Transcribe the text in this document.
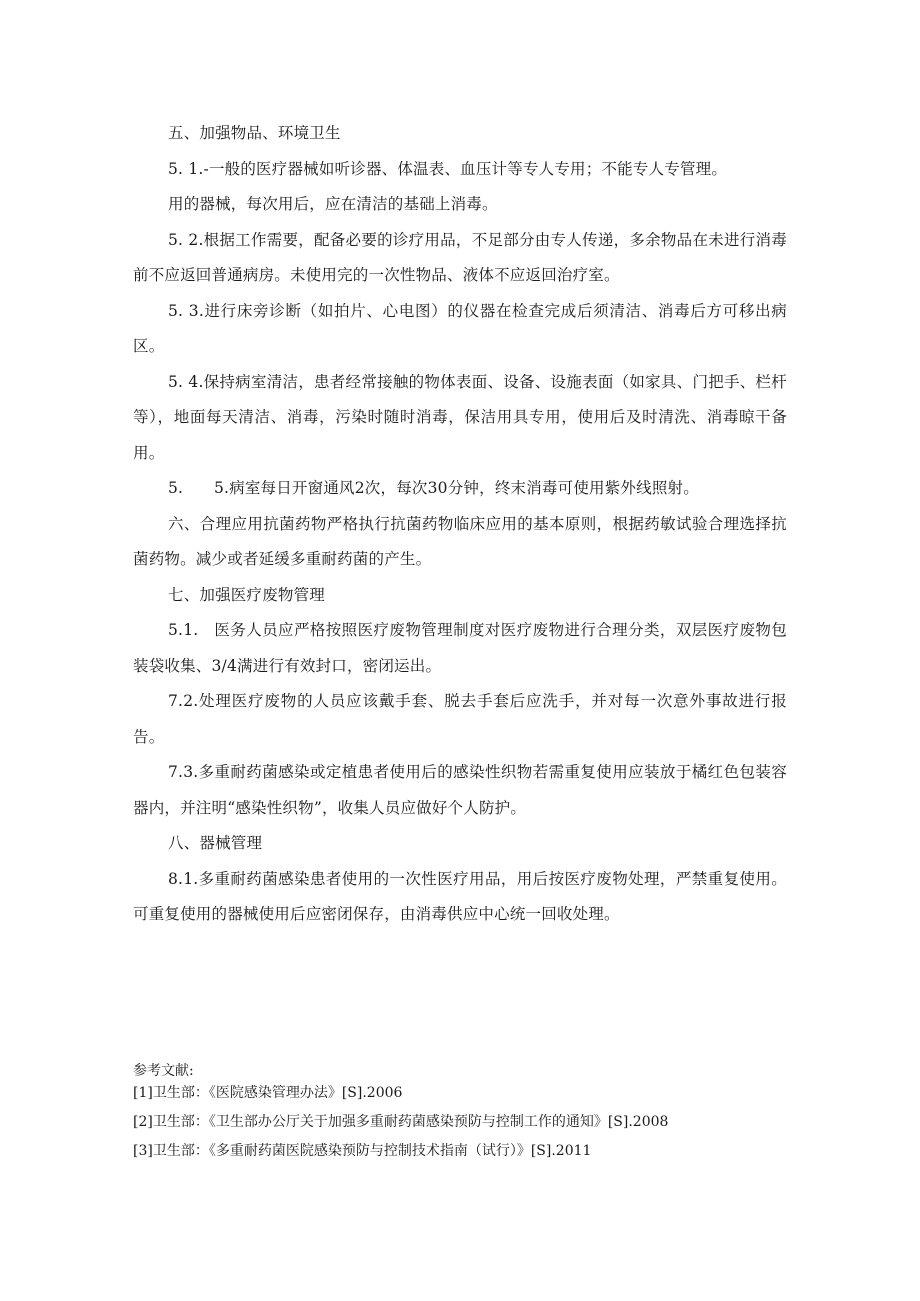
五、加强物品、环境卫生

5. 1.-一般的医疗器械如听诊器、体温表、血压计等专人专用；不能专人专管理。

用的器械，每次用后，应在清洁的基础上消毒。

5. 2.根据工作需要，配备必要的诊疗用品，不足部分由专人传递，多余物品在未进行消毒前不应返回普通病房。未使用完的一次性物品、液体不应返回治疗室。

5. 3.进行床旁诊断（如拍片、心电图）的仪器在检查完成后须清洁、消毒后方可移出病区。

5. 4.保持病室清洁，患者经常接触的物体表面、设备、设施表面（如家具、门把手、栏杆等），地面每天清洁、消毒，污染时随时消毒，保洁用具专用，使用后及时清洗、消毒晾干备用。

5.      5.病室每日开窗通风2次，每次30分钟，终末消毒可使用紫外线照射。

六、合理应用抗菌药物严格执行抗菌药物临床应用的基本原则，根据药敏试验合理选择抗菌药物。减少或者延缓多重耐药菌的产生。

七、加强医疗废物管理

5.1.   医务人员应严格按照医疗废物管理制度对医疗废物进行合理分类，双层医疗废物包装袋收集、3/4满进行有效封口，密闭运出。

7.2.处理医疗废物的人员应该戴手套、脱去手套后应洗手，并对每一次意外事故进行报告。

7.3.多重耐药菌感染或定植患者使用后的感染性织物若需重复使用应装放于橘红色包装容器内，并注明“感染性织物”，收集人员应做好个人防护。

八、器械管理

8.1.多重耐药菌感染患者使用的一次性医疗用品，用后按医疗废物处理，严禁重复使用。可重复使用的器械使用后应密闭保存，由消毒供应中心统一回收处理。

参考文献:

[1]卫生部：《医院感染管理办法》[S].2006

[2]卫生部：《卫生部办公厅关于加强多重耐药菌感染预防与控制工作的通知》[S].2008

[3]卫生部：《多重耐药菌医院感染预防与控制技术指南（试行）》[S].2011
